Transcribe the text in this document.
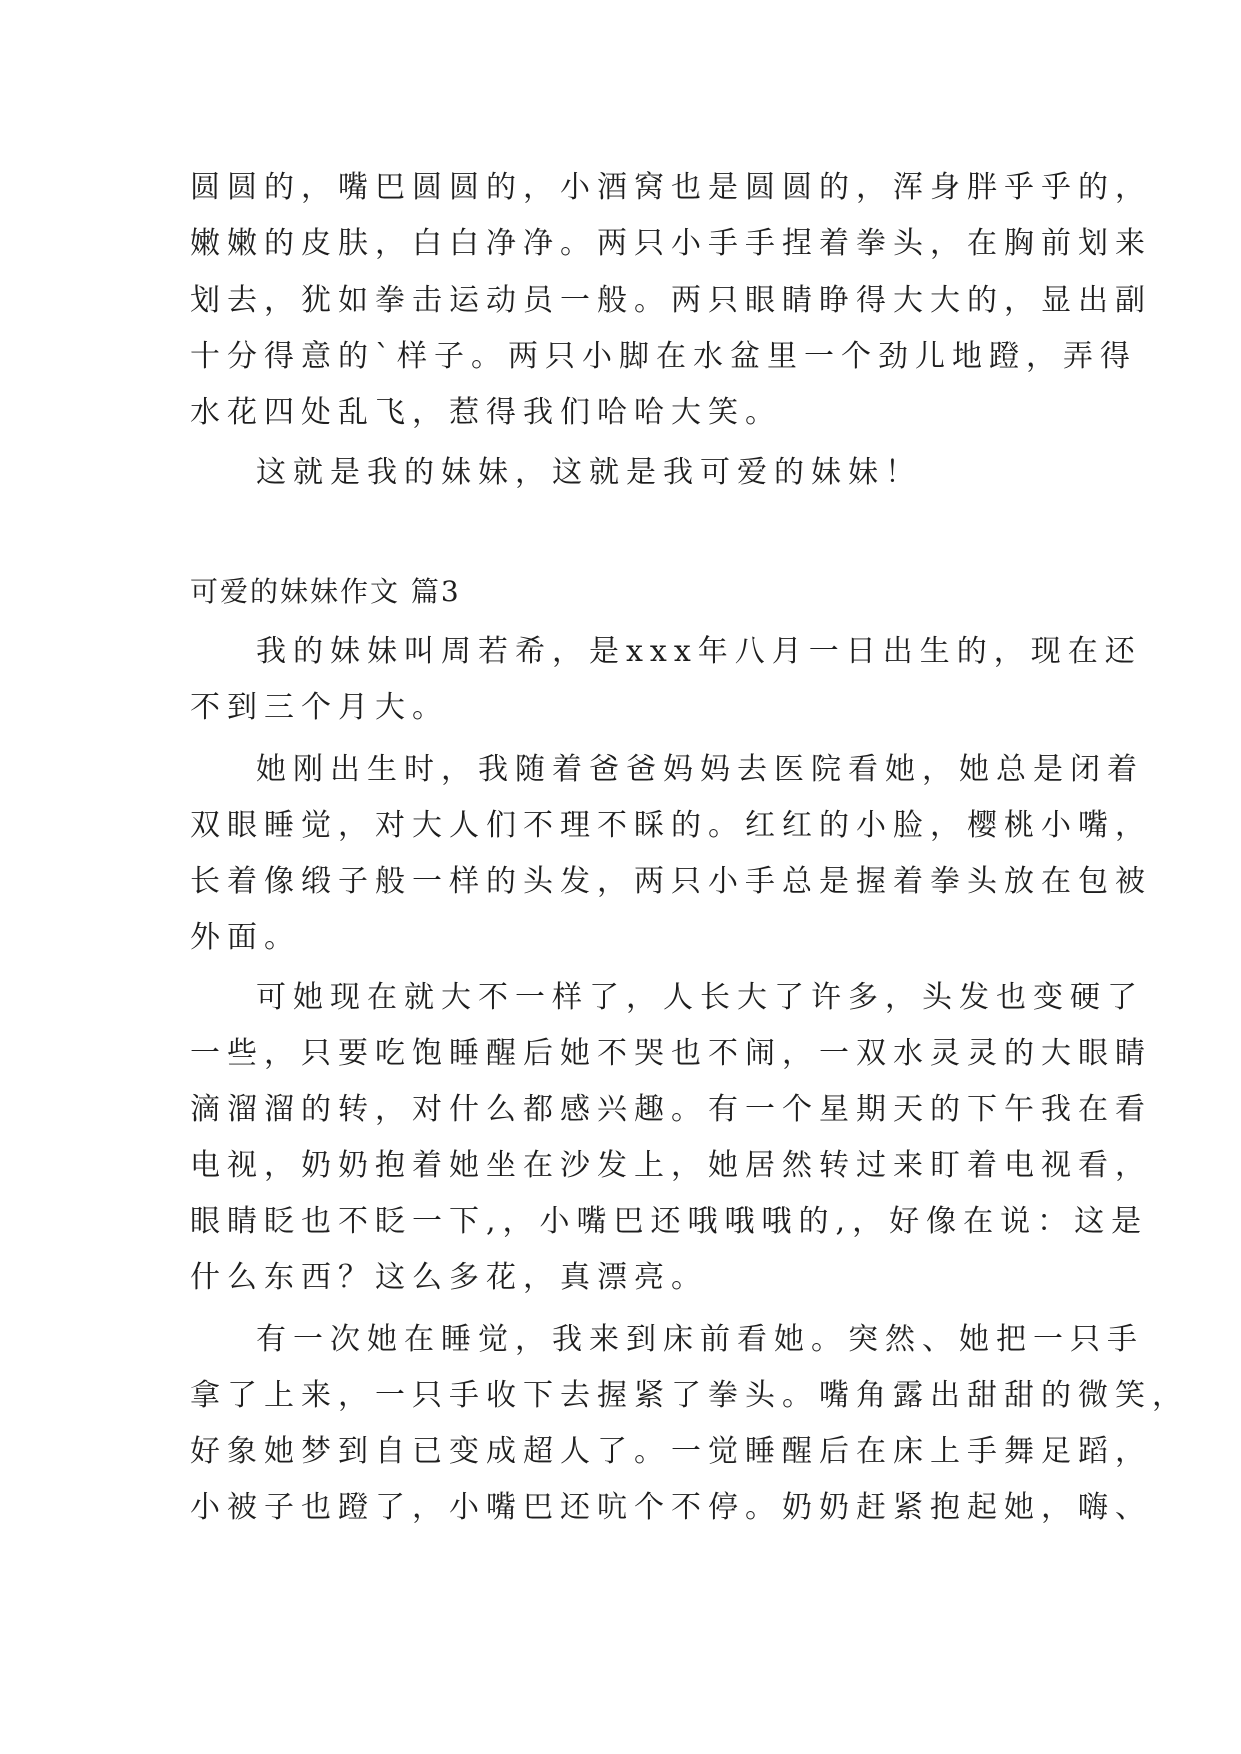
圆圆的，嘴巴圆圆的，小酒窝也是圆圆的，浑身胖乎乎的，
嫩嫩的皮肤，白白净净。两只小手手捏着拳头，在胸前划来
划去，犹如拳击运动员一般。两只眼睛睁得大大的，显出副
十分得意的`样子。两只小脚在水盆里一个劲儿地蹬，弄得
水花四处乱飞，惹得我们哈哈大笑。
这就是我的妹妹，这就是我可爱的妹妹！
可爱的妹妹作文 篇3
我的妹妹叫周若希，是xxx年八月一日出生的，现在还
不到三个月大。
她刚出生时，我随着爸爸妈妈去医院看她，她总是闭着
双眼睡觉，对大人们不理不睬的。红红的小脸，樱桃小嘴，
长着像缎子般一样的头发，两只小手总是握着拳头放在包被
外面。
可她现在就大不一样了，人长大了许多，头发也变硬了
一些，只要吃饱睡醒后她不哭也不闹，一双水灵灵的大眼睛
滴溜溜的转，对什么都感兴趣。有一个星期天的下午我在看
电视，奶奶抱着她坐在沙发上，她居然转过来盯着电视看，
眼睛眨也不眨一下,，小嘴巴还哦哦哦的,，好像在说：这是
什么东西？这么多花，真漂亮。
有一次她在睡觉，我来到床前看她。突然、她把一只手
拿了上来，一只手收下去握紧了拳头。嘴角露出甜甜的微笑，
好象她梦到自已变成超人了。一觉睡醒后在床上手舞足蹈，
小被子也蹬了，小嘴巴还吭个不停。奶奶赶紧抱起她，嗨、
